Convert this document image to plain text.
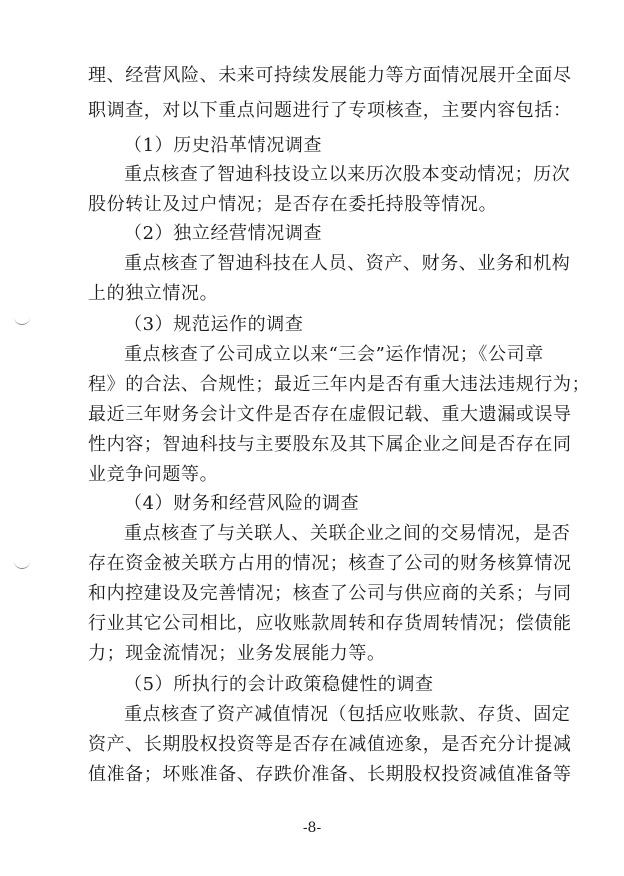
理、经营风险、未来可持续发展能力等方面情况展开全面尽
职调查，对以下重点问题进行了专项核查，主要内容包括：
（1）历史沿革情况调查
重点核查了智迪科技设立以来历次股本变动情况；历次
股份转让及过户情况；是否存在委托持股等情况。
（2）独立经营情况调查
重点核查了智迪科技在人员、资产、财务、业务和机构
上的独立情况。
（3）规范运作的调查
重点核查了公司成立以来“三会”运作情况；《公司章
程》的合法、合规性；最近三年内是否有重大违法违规行为；
最近三年财务会计文件是否存在虚假记载、重大遗漏或误导
性内容；智迪科技与主要股东及其下属企业之间是否存在同
业竞争问题等。
（4）财务和经营风险的调查
重点核查了与关联人、关联企业之间的交易情况，是否
存在资金被关联方占用的情况；核查了公司的财务核算情况
和内控建设及完善情况；核查了公司与供应商的关系；与同
行业其它公司相比，应收账款周转和存货周转情况；偿债能
力；现金流情况；业务发展能力等。
（5）所执行的会计政策稳健性的调查
重点核查了资产减值情况（包括应收账款、存货、固定
资产、长期股权投资等是否存在减值迹象，是否充分计提减
值准备；坏账准备、存跌价准备、长期股权投资减值准备等
-8-
